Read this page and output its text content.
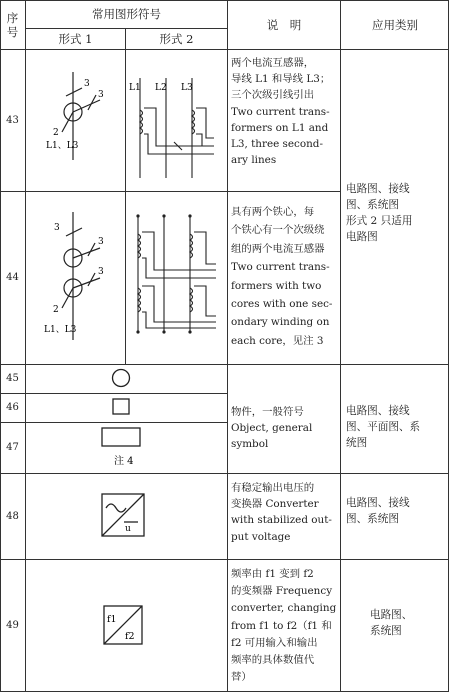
序
号
常用图形符号
形式 1	形式 2
说　明	应用类别
43
44
45
46
47
48
49
3
3
2
L1、L3
L1 L2 L3
3
3
3
2
L1、L3
注 4
u
f1
f2
两个电流互感器，
导线 L1 和导线 L3；
三个次级引线引出
Two current trans-
formers on L1 and
L3, three second-
ary lines
具有两个铁心，每
个铁心有一个次级绕
组的两个电流互感器
Two current trans-
formers with two
cores with one sec-
ondary winding on
each core，见注 3
物件，一般符号
Object, general
symbol
有稳定输出电压的
变换器 Converter
with stabilized out-
put voltage
频率由 f1 变到 f2
的变频器 Frequency
converter, changing
from f1 to f2（f1 和
f2 可用输入和输出
频率的具体数值代
替）
电路图、接线
图、系统图
形式 2 只适用
电路图
电路图、接线
图、平面图、系
统图
电路图、接线
图、系统图
电路图、
系统图
